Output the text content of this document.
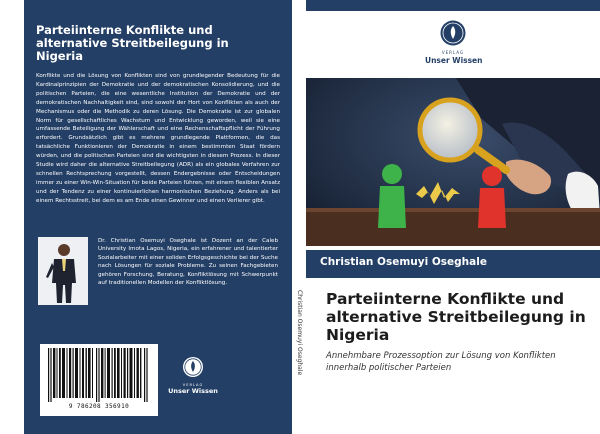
Parteiinterne Konflikte und alternative Streitbeilegung in Nigeria

Konflikte und die Lösung von Konflikten sind von grundlegender Bedeutung für die Kardinalprinzipien der Demokratie und der demokratischen Konsolidierung, und die politischen Parteien, die eine wesentliche Institution der Demokratie und der demokratischen Nachhaltigkeit sind, sind sowohl der Hort von Konflikten als auch der Mechanismus oder die Methodik zu deren Lösung. Die Demokratie ist zur globalen Norm für gesellschaftliches Wachstum und Entwicklung geworden, weil sie eine umfassende Beteiligung der Wählerschaft und eine Rechenschaftspflicht der Führung erfordert. Grundsätzlich gibt es mehrere grundlegende Plattformen, die das tatsächliche Funktionieren der Demokratie in einem bestimmten Staat fördern würden, und die politischen Parteien sind die wichtigsten in diesem Prozess. In dieser Studie wird daher die alternative Streitbeilegung (ADR) als ein globales Verfahren zur schnellen Rechtsprechung vorgestellt, dessen Endergebnisse oder Entscheidungen immer zu einer Win-Win-Situation für beide Parteien führen, mit einem flexiblen Ansatz und der Tendenz zu einer kontinuierlichen harmonischen Beziehung. Anders als bei einem Rechtsstreit, bei dem es am Ende einen Gewinner und einen Verlierer gibt.

Dr. Christian Osemuyi Oseghale ist Dozent an der Caleb University Imota Lagos, Nigeria, ein erfahrener und talentierter Sozialarbeiter mit einer soliden Erfolgsgeschichte bei der Suche nach Lösungen für soziale Probleme. Zu seinen Fachgebieten gehören Forschung, Beratung, Konfliktlösung mit Schwerpunkt auf traditionellen Modellen der Konfliktlösung.

9 786208 356910
VERLAG
Unser Wissen
Christian Osemuyi Oseghale
VERLAG
Unser Wissen
Christian Osemuyi Oseghale
Parteiinterne Konflikte und alternative Streitbeilegung in Nigeria

Annehmbare Prozessoption zur Lösung von Konflikten innerhalb politischer Parteien
